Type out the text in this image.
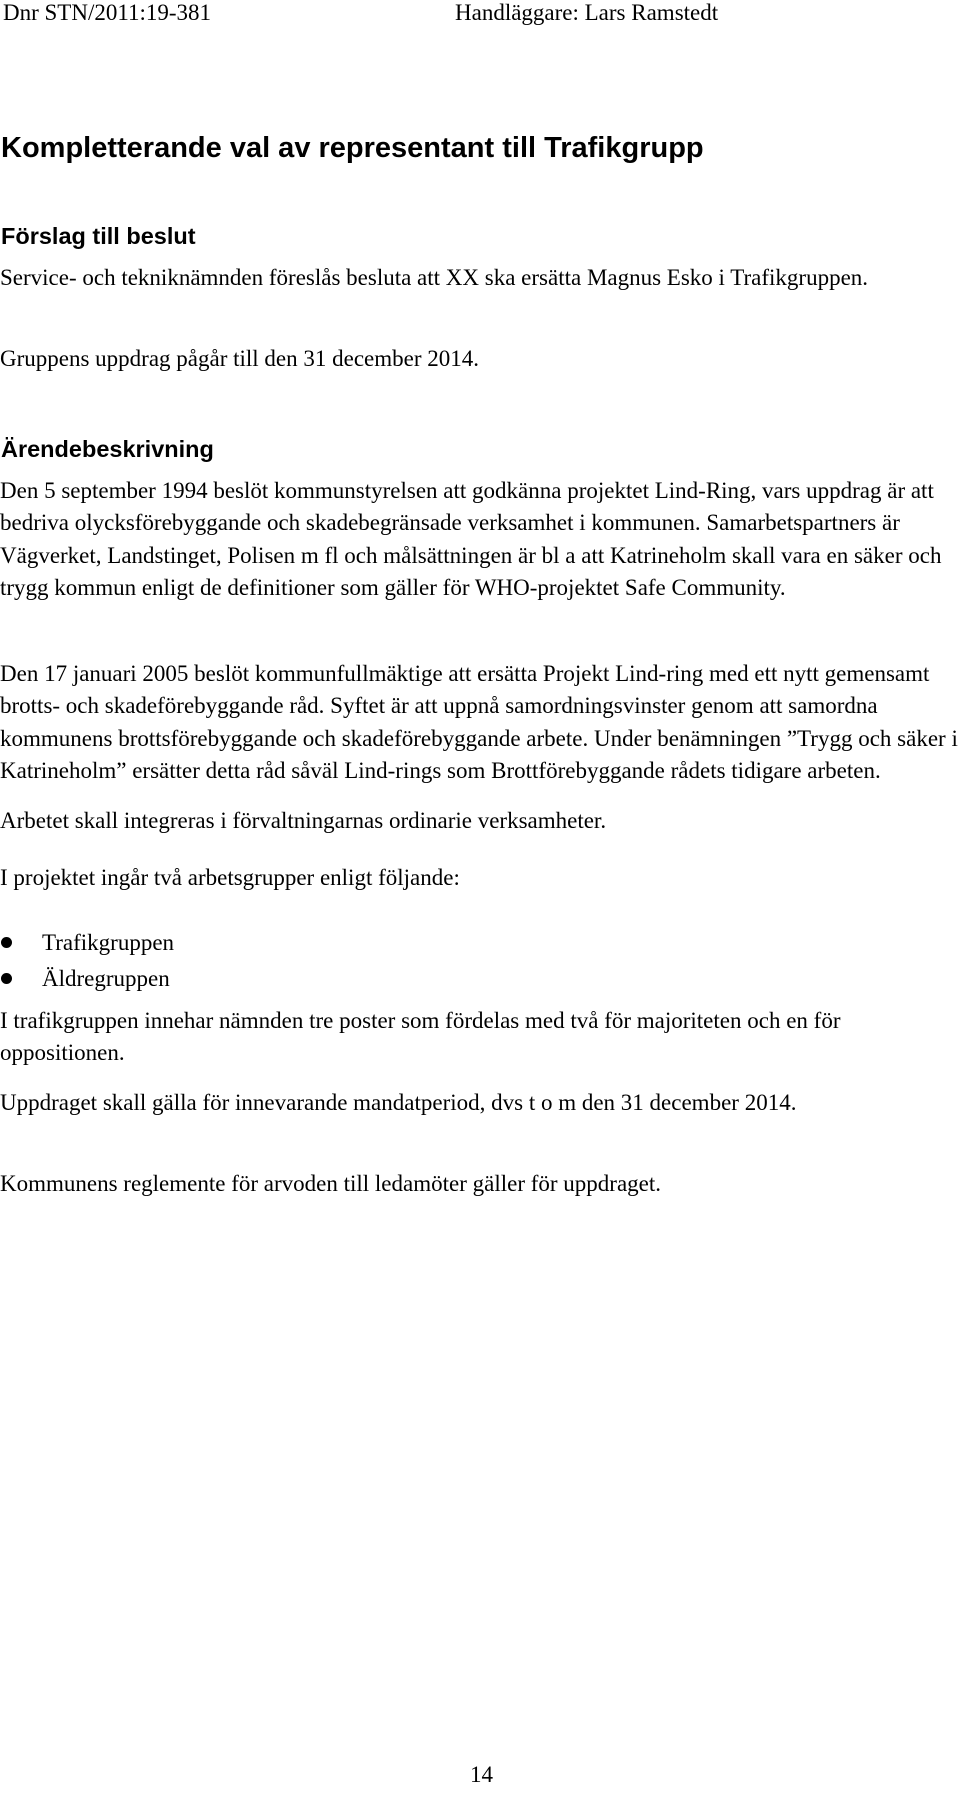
Dnr STN/2011:19-381	Handläggare: Lars Ramstedt
Kompletterande val av representant till Trafikgrupp
Förslag till beslut

Service- och tekniknämnden föreslås besluta att XX ska ersätta Magnus Esko i Trafikgruppen.

Gruppens uppdrag pågår till den 31 december 2014.

Ärendebeskrivning

Den 5 september 1994 beslöt kommunstyrelsen att godkänna projektet Lind-Ring, vars uppdrag är att bedriva olycksförebyggande och skadebegränsade verksamhet i kommunen. Samarbetspartners är Vägverket, Landstinget, Polisen m fl och målsättningen är bl a att Katrineholm skall vara en säker och trygg kommun enligt de definitioner som gäller för WHO-projektet Safe Community.

Den 17 januari 2005 beslöt kommunfullmäktige att ersätta Projekt Lind-ring med ett nytt gemensamt brotts- och skadeförebyggande råd. Syftet är att uppnå samordningsvinster genom att samordna kommunens brottsförebyggande och skadeförebyggande arbete. Under benämningen ”Trygg och säker i Katrineholm” ersätter detta råd såväl Lind-rings som Brottförebyggande rådets tidigare arbeten.

Arbetet skall integreras i förvaltningarnas ordinarie verksamheter.

I projektet ingår två arbetsgrupper enligt följande:

Trafikgruppen
Äldregruppen

I trafikgruppen innehar nämnden tre poster som fördelas med två för majoriteten och en för oppositionen.

Uppdraget skall gälla för innevarande mandatperiod, dvs t o m den 31 december 2014.

Kommunens reglemente för arvoden till ledamöter gäller för uppdraget.

14
